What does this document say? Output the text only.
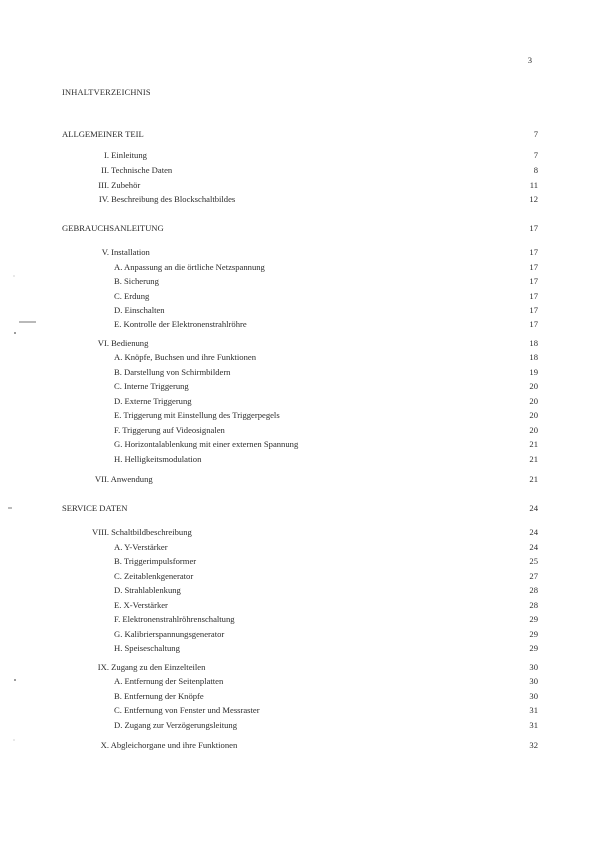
3
INHALTVERZEICHNIS
ALLGEMEINER TEIL	7
I. Einleitung	7
II. Technische Daten	8
III. Zubehör	11
IV. Beschreibung des Blockschaltbildes	12
GEBRAUCHSANLEITUNG	17
V. Installation	17
A. Anpassung an die örtliche Netzspannung	17
B. Sicherung	17
C. Erdung	17
D. Einschalten	17
E. Kontrolle der Elektronenstrahlröhre	17
VI. Bedienung	18
A. Knöpfe, Buchsen und ihre Funktionen	18
B. Darstellung von Schirmbildern	19
C. Interne Triggerung	20
D. Externe Triggerung	20
E. Triggerung mit Einstellung des Triggerpegels	20
F. Triggerung auf Videosignalen	20
G. Horizontalablenkung mit einer externen Spannung	21
H. Helligkeitsmodulation	21
VII. Anwendung	21
SERVICE DATEN	24
VIII. Schaltbildbeschreibung	24
A. Y-Verstärker	24
B. Triggerimpulsformer	25
C. Zeitablenkgenerator	27
D. Strahlablenkung	28
E. X-Verstärker	28
F. Elektronenstrahlröhrenschaltung	29
G. Kalibrierspannungsgenerator	29
H. Speiseschaltung	29
IX. Zugang zu den Einzelteilen	30
A. Entfernung der Seitenplatten	30
B. Entfernung der Knöpfe	30
C. Entfernung von Fenster und Messraster	31
D. Zugang zur Verzögerungsleitung	31
X. Abgleichorgane und ihre Funktionen	32
